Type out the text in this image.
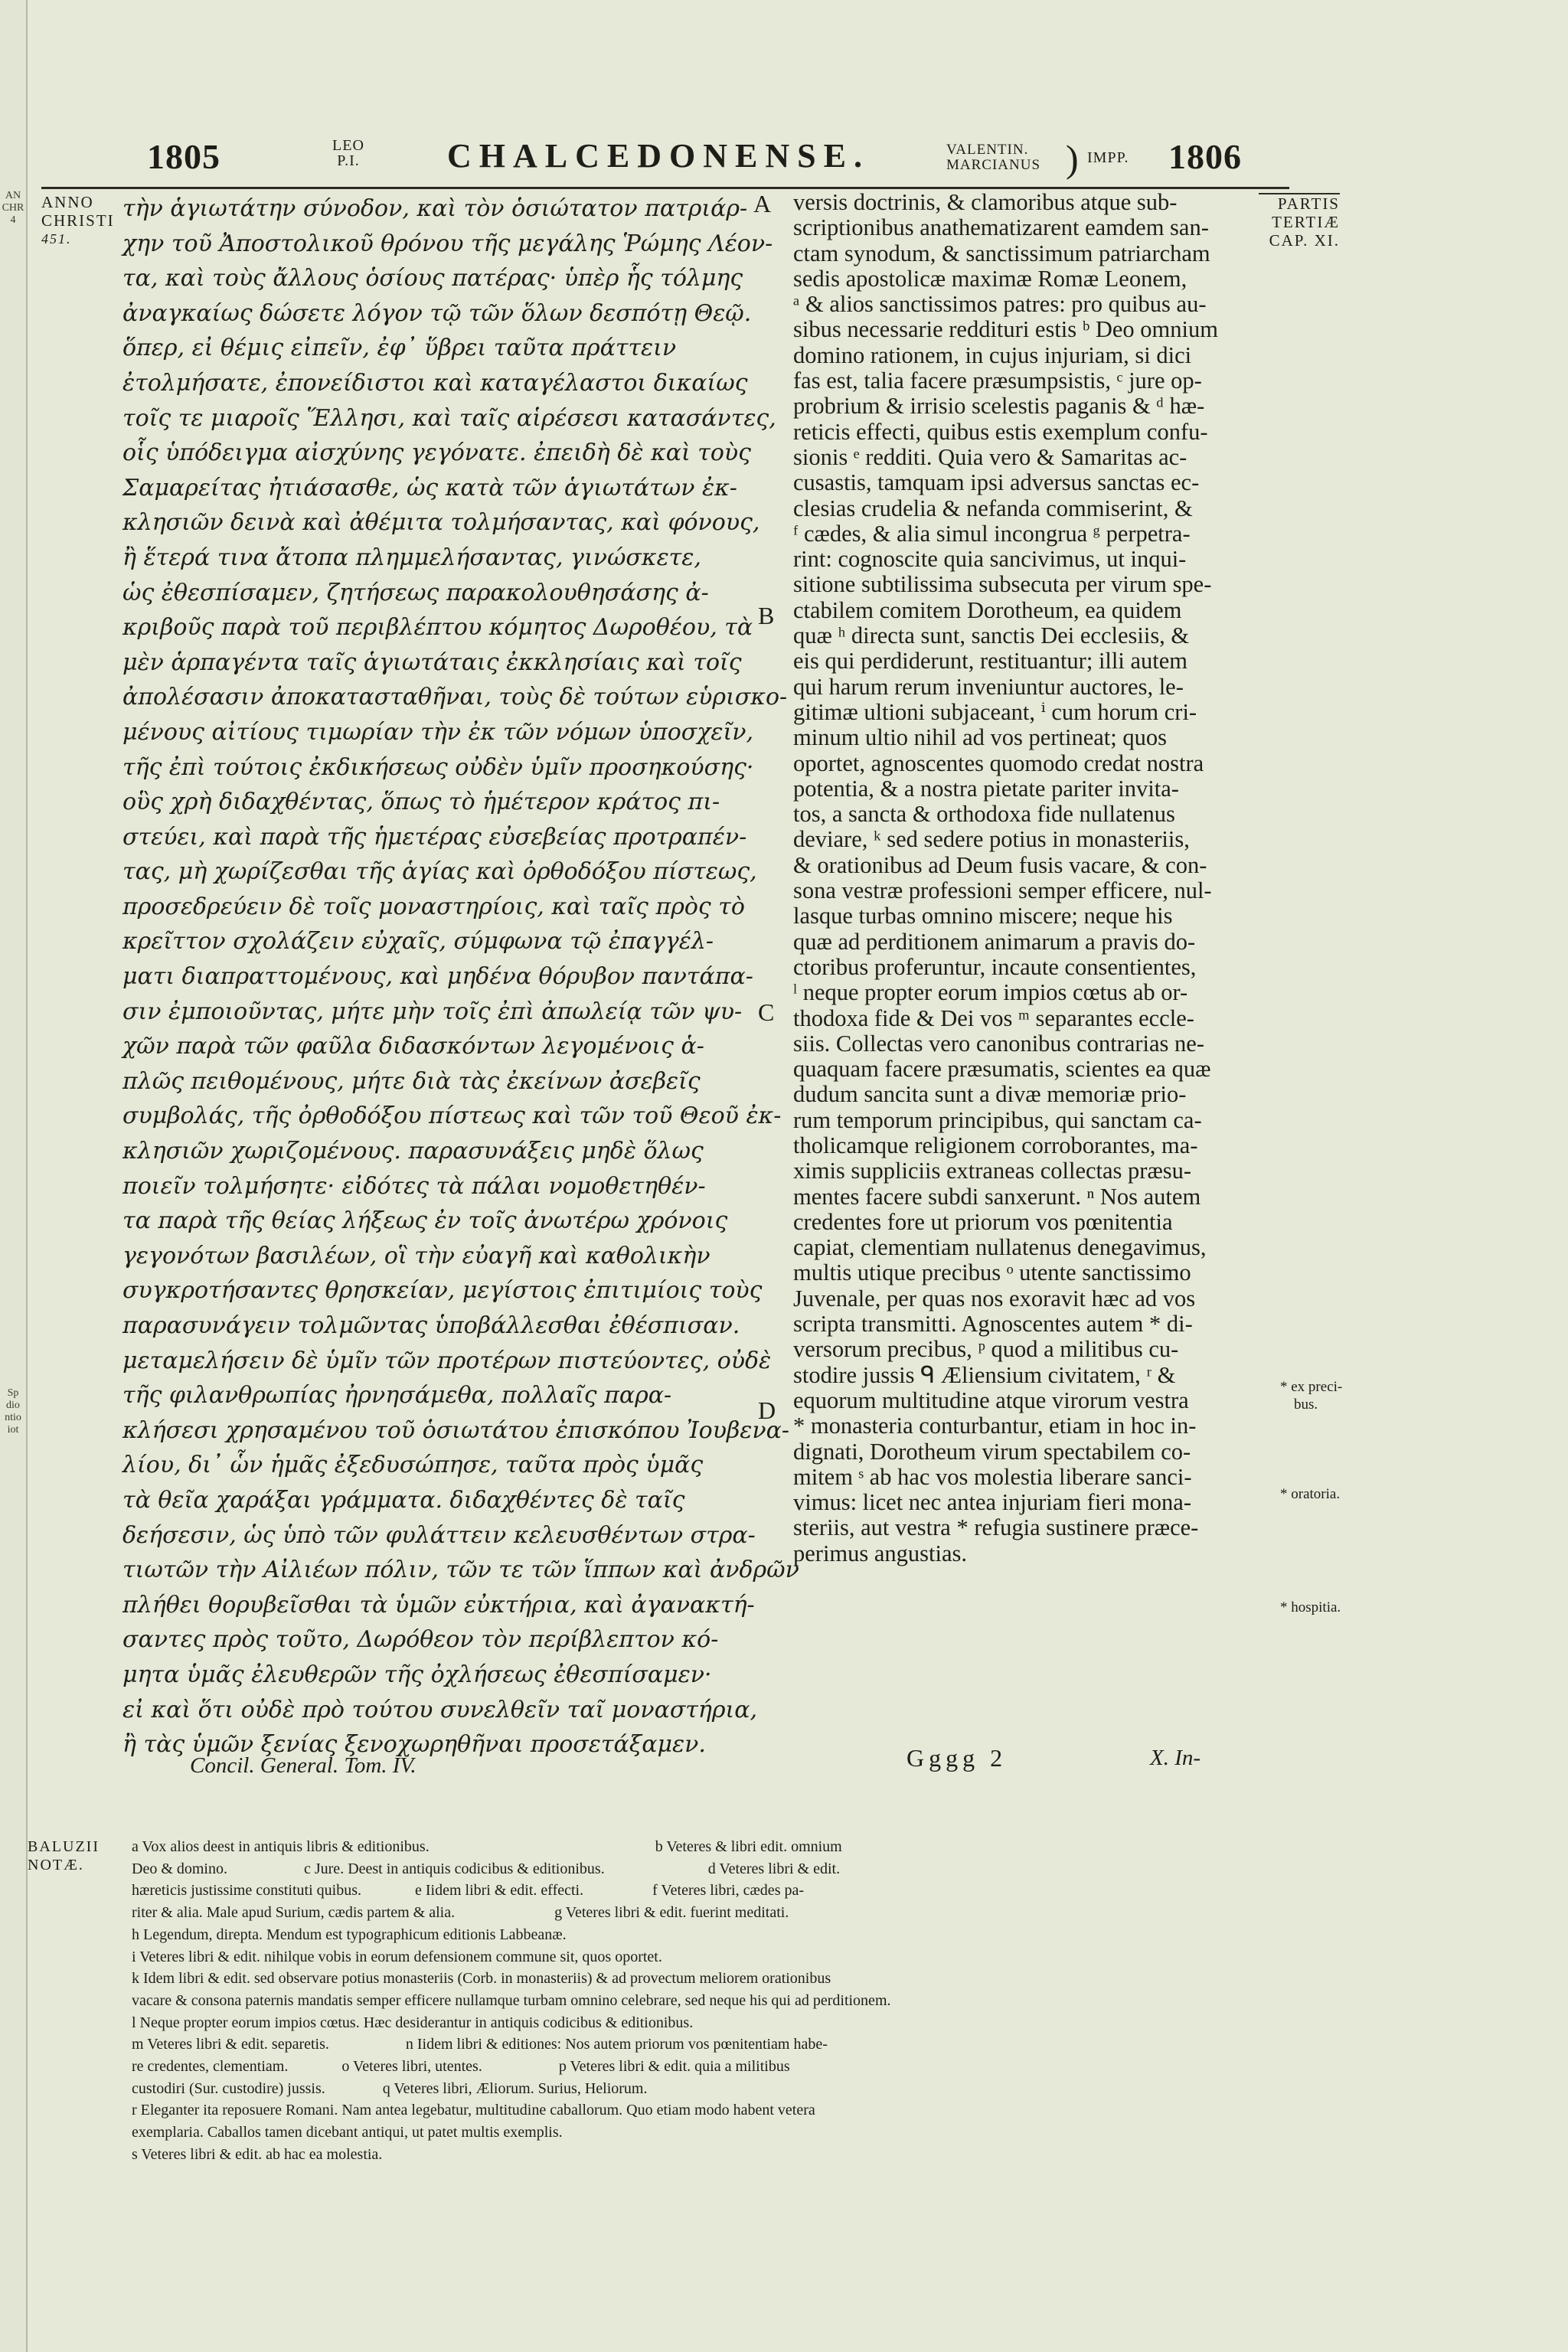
AN
CHR
4
Sp
dio
ntio
iot
1805	LEO
P.I.	CHALCEDONENSE.	VALENTIN.
MARCIANUS ) IMPP. 1806
ANNO
CHRISTI
451.
PARTIS
TERTIÆ
CAP. XI.
τὴν ἁγιωτάτην σύνοδον, καὶ τὸν ὁσιώτατον πατριάρ-
χην τοῦ Ἀποστολικοῦ θρόνου τῆς μεγάλης Ῥώμης Λέον-
τα, καὶ τοὺς ἄλλους ὁσίους πατέρας· ὑπὲρ ἧς τόλμης
ἀναγκαίως δώσετε λόγον τῷ τῶν ὅλων δεσπότῃ Θεῷ.
ὅπερ, εἰ θέμις εἰπεῖν, ἐφ᾽ ὕβρει ταῦτα πράττειν
ἐτολμήσατε, ἐπονείδιστοι καὶ καταγέλαστοι δικαίως
τοῖς τε μιαροῖς Ἕλλησι, καὶ ταῖς αἱρέσεσι κατασάντες,
οἷς ὑπόδειγμα αἰσχύνης γεγόνατε. ἐπειδὴ δὲ καὶ τοὺς
Σαμαρείτας ἠτιάσασθε, ὡς κατὰ τῶν ἁγιωτάτων ἐκ-
κλησιῶν δεινὰ καὶ ἀθέμιτα τολμήσαντας, καὶ φόνους,
ἢ ἕτερά τινα ἄτοπα πλημμελήσαντας, γινώσκετε,
ὡς ἐθεσπίσαμεν, ζητήσεως παρακολουθησάσης ἀ-
κριβοῦς παρὰ τοῦ περιβλέπτου κόμητος Δωροθέου, τὰ
μὲν ἁρπαγέντα ταῖς ἁγιωτάταις ἐκκλησίαις καὶ τοῖς
ἀπολέσασιν ἀποκατασταθῆναι, τοὺς δὲ τούτων εὑρισκο-
μένους αἰτίους τιμωρίαν τὴν ἐκ τῶν νόμων ὑποσχεῖν,
τῆς ἐπὶ τούτοις ἐκδικήσεως οὐδὲν ὑμῖν προσηκούσης·
οὓς χρὴ διδαχθέντας, ὅπως τὸ ἡμέτερον κράτος πι-
στεύει, καὶ παρὰ τῆς ἡμετέρας εὐσεβείας προτραπέν-
τας, μὴ χωρίζεσθαι τῆς ἁγίας καὶ ὀρθοδόξου πίστεως,
προσεδρεύειν δὲ τοῖς μοναστηρίοις, καὶ ταῖς πρὸς τὸ
κρεῖττον σχολάζειν εὐχαῖς, σύμφωνα τῷ ἐπαγγέλ-
ματι διαπραττομένους, καὶ μηδένα θόρυβον παντάπα-
σιν ἐμποιοῦντας, μήτε μὴν τοῖς ἐπὶ ἀπωλείᾳ τῶν ψυ-
χῶν παρὰ τῶν φαῦλα διδασκόντων λεγομένοις ἁ-
πλῶς πειθομένους, μήτε διὰ τὰς ἐκείνων ἀσεβεῖς
συμβολάς, τῆς ὀρθοδόξου πίστεως καὶ τῶν τοῦ Θεοῦ ἐκ-
κλησιῶν χωριζομένους. παρασυνάξεις μηδὲ ὅλως
ποιεῖν τολμήσητε· εἰδότες τὰ πάλαι νομοθετηθέν-
τα παρὰ τῆς θείας λήξεως ἐν τοῖς ἀνωτέρω χρόνοις
γεγονότων βασιλέων, οἳ τὴν εὐαγῆ καὶ καθολικὴν
συγκροτήσαντες θρησκείαν, μεγίστοις ἐπιτιμίοις τοὺς
παρασυνάγειν τολμῶντας ὑποβάλλεσθαι ἐθέσπισαν.
μεταμελήσειν δὲ ὑμῖν τῶν προτέρων πιστεύοντες, οὐδὲ
τῆς φιλανθρωπίας ἠρνησάμεθα, πολλαῖς παρα-
κλήσεσι χρησαμένου τοῦ ὁσιωτάτου ἐπισκόπου Ἰουβενα-
λίου, δι᾽ ὧν ἡμᾶς ἐξεδυσώπησε, ταῦτα πρὸς ὑμᾶς
τὰ θεῖα χαράξαι γράμματα. διδαχθέντες δὲ ταῖς
δεήσεσιν, ὡς ὑπὸ τῶν φυλάττειν κελευσθέντων στρα-
τιωτῶν τὴν Αἰλιέων πόλιν, τῶν τε τῶν ἵππων καὶ ἀνδρῶν
πλήθει θορυβεῖσθαι τὰ ὑμῶν εὐκτήρια, καὶ ἀγανακτή-
σαντες πρὸς τοῦτο, Δωρόθεον τὸν περίβλεπτον κό-
μητα ὑμᾶς ἐλευθερῶν τῆς ὀχλήσεως ἐθεσπίσαμεν·
εἰ καὶ ὅτι οὐδὲ πρὸ τούτου συνελθεῖν ταῖ μοναστήρια,
ἢ τὰς ὑμῶν ξενίας ξενοχωρηθῆναι προσετάξαμεν.
A
B
C
D
versis doctrinis, & clamoribus atque sub-
scriptionibus anathematizarent eamdem san-
ctam synodum, & sanctissimum patriarcham
sedis apostolicæ maximæ Romæ Leonem,
ᵃ & alios sanctissimos patres: pro quibus au-
sibus necessarie reddituri estis ᵇ Deo omnium
domino rationem, in cujus injuriam, si dici
fas est, talia facere præsumpsistis, ᶜ jure op-
probrium & irrisio scelestis paganis & ᵈ hæ-
reticis effecti, quibus estis exemplum confu-
sionis ᵉ redditi. Quia vero & Samaritas ac-
cusastis, tamquam ipsi adversus sanctas ec-
clesias crudelia & nefanda commiserint, &
ᶠ cædes, & alia simul incongrua ᵍ perpetra-
rint: cognoscite quia sancivimus, ut inqui-
sitione subtilissima subsecuta per virum spe-
ctabilem comitem Dorotheum, ea quidem
quæ ʰ directa sunt, sanctis Dei ecclesiis, &
eis qui perdiderunt, restituantur; illi autem
qui harum rerum inveniuntur auctores, le-
gitimæ ultioni subjaceant, ⁱ cum horum cri-
minum ultio nihil ad vos pertineat; quos
oportet, agnoscentes quomodo credat nostra
potentia, & a nostra pietate pariter invita-
tos, a sancta & orthodoxa fide nullatenus
deviare, ᵏ sed sedere potius in monasteriis,
& orationibus ad Deum fusis vacare, & con-
sona vestræ professioni semper efficere, nul-
lasque turbas omnino miscere; neque his
quæ ad perditionem animarum a pravis do-
ctoribus proferuntur, incaute consentientes,
ˡ neque propter eorum impios cœtus ab or-
thodoxa fide & Dei vos ᵐ separantes eccle-
siis. Collectas vero canonibus contrarias ne-
quaquam facere præsumatis, scientes ea quæ
dudum sancita sunt a divæ memoriæ prio-
rum temporum principibus, qui sanctam ca-
tholicamque religionem corroborantes, ma-
ximis suppliciis extraneas collectas præsu-
mentes facere subdi sanxerunt. ⁿ Nos autem
credentes fore ut priorum vos pœnitentia
capiat, clementiam nullatenus denegavimus,
multis utique precibus ᵒ utente sanctissimo
Juvenale, per quas nos exoravit hæc ad vos
scripta transmitti. Agnoscentes autem * di-
versorum precibus, ᵖ quod a militibus cu-
stodire jussis ᑫ Æliensium civitatem, ʳ &
equorum multitudine atque virorum vestra
* monasteria conturbantur, etiam in hoc in-
dignati, Dorotheum virum spectabilem co-
mitem ˢ ab hac vos molestia liberare sanci-
vimus: licet nec antea injuriam fieri mona-
steriis, aut vestra * refugia sustinere præce-
perimus angustias.
* ex preci-
bus.
* oratoria.
* hospitia.
Concil. General. Tom. IV.	Gggg 2	X. In-
BALUZII
NOTÆ.
a Vox alios deest in antiquis libris & editionibus.                                                           b Veteres & libri edit. omnium
Deo & domino.                    c Jure. Deest in antiquis codicibus & editionibus.                           d Veteres libri & edit.
hæreticis justissime constituti quibus.              e Iidem libri & edit. effecti.                  f Veteres libri, cædes pa-
riter & alia. Male apud Surium, cædis partem & alia.                          g Veteres libri & edit. fuerint meditati.
h Legendum, direpta. Mendum est typographicum editionis Labbeanæ.
i Veteres libri & edit. nihilque vobis in eorum defensionem commune sit, quos oportet.
k Idem libri & edit. sed observare potius monasteriis (Corb. in monasteriis) & ad provectum meliorem orationibus
vacare & consona paternis mandatis semper efficere nullamque turbam omnino celebrare, sed neque his qui ad perditionem.
l Neque propter eorum impios cœtus. Hæc desiderantur in antiquis codicibus & editionibus.
m Veteres libri & edit. separetis.                    n Iidem libri & editiones: Nos autem priorum vos pœnitentiam habe-
re credentes, clementiam.              o Veteres libri, utentes.                    p Veteres libri & edit. quia a militibus
custodiri (Sur. custodire) jussis.               q Veteres libri, Æliorum. Surius, Heliorum.
r Eleganter ita reposuere Romani. Nam antea legebatur, multitudine caballorum. Quo etiam modo habent vetera
exemplaria. Caballos tamen dicebant antiqui, ut patet multis exemplis.
s Veteres libri & edit. ab hac ea molestia.
